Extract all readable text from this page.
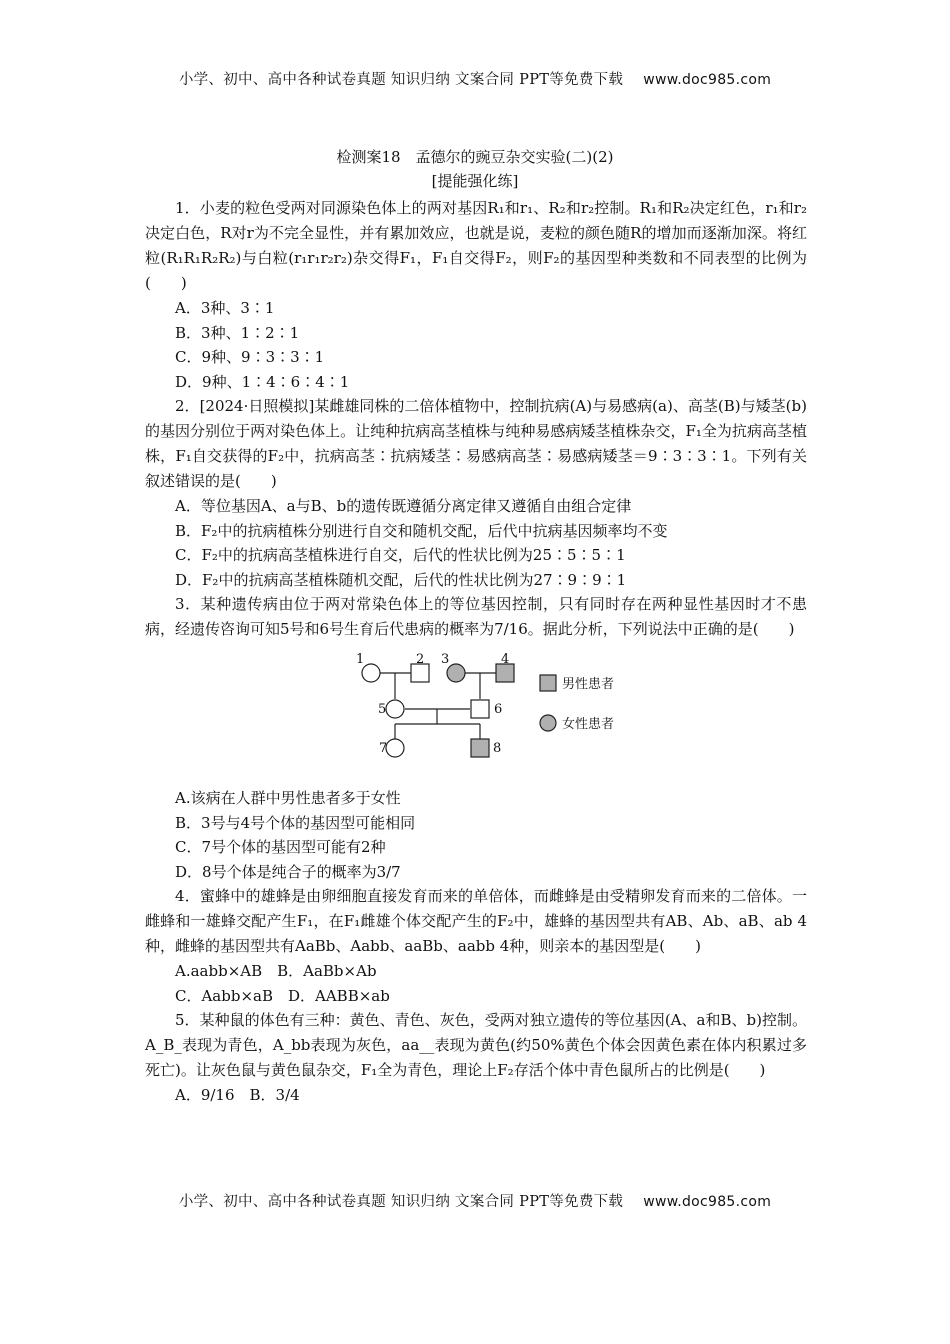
小学、初中、高中各种试卷真题 知识归纳 文案合同 PPT等免费下载 www.doc985.com
检测案18　孟德尔的豌豆杂交实验(二)(2)
[提能强化练]

1．小麦的粒色受两对同源染色体上的两对基因R₁和r₁、R₂和r₂控制。R₁和R₂决定红色，r₁和r₂决定白色，R对r为不完全显性，并有累加效应，也就是说，麦粒的颜色随R的增加而逐渐加深。将红粒(R₁R₁R₂R₂)与白粒(r₁r₁r₂r₂)杂交得F₁，F₁自交得F₂，则F₂的基因型种类数和不同表型的比例为(　　)

A．3种、3∶1

B．3种、1∶2∶1

C．9种、9∶3∶3∶1

D．9种、1∶4∶6∶4∶1

2．[2024·日照模拟]某雌雄同株的二倍体植物中，控制抗病(A)与易感病(a)、高茎(B)与矮茎(b)的基因分别位于两对染色体上。让纯种抗病高茎植株与纯种易感病矮茎植株杂交，F₁全为抗病高茎植株，F₁自交获得的F₂中，抗病高茎∶抗病矮茎∶易感病高茎∶易感病矮茎＝9∶3∶3∶1。下列有关叙述错误的是(　　)

A．等位基因A、a与B、b的遗传既遵循分离定律又遵循自由组合定律

B．F₂中的抗病植株分别进行自交和随机交配，后代中抗病基因频率均不变

C．F₂中的抗病高茎植株进行自交，后代的性状比例为25∶5∶5∶1

D．F₂中的抗病高茎植株随机交配，后代的性状比例为27∶9∶9∶1

3．某种遗传病由位于两对常染色体上的等位基因控制，只有同时存在两种显性基因时才不患病，经遗传咨询可知5号和6号生育后代患病的概率为7/16。据此分析，下列说法中正确的是(　　)

1	2 3	4
5	6
7	8
男性患者
女性患者

A.该病在人群中男性患者多于女性

B．3号与4号个体的基因型可能相同

C．7号个体的基因型可能有2种

D．8号个体是纯合子的概率为3/7

4．蜜蜂中的雄蜂是由卵细胞直接发育而来的单倍体，而雌蜂是由受精卵发育而来的二倍体。一雌蜂和一雄蜂交配产生F₁，在F₁雌雄个体交配产生的F₂中，雄蜂的基因型共有AB、Ab、aB、ab 4种，雌蜂的基因型共有AaBb、Aabb、aaBb、aabb 4种，则亲本的基因型是(　　)

A.aabb×AB　B．AaBb×Ab

C．Aabb×aB　D．AABB×ab

5．某种鼠的体色有三种：黄色、青色、灰色，受两对独立遗传的等位基因(A、a和B、b)控制。A_B_表现为青色，A_bb表现为灰色，aa__表现为黄色(约50%黄色个体会因黄色素在体内积累过多死亡)。让灰色鼠与黄色鼠杂交，F₁全为青色，理论上F₂存活个体中青色鼠所占的比例是(　　)

A．9/16　B．3/4

小学、初中、高中各种试卷真题 知识归纳 文案合同 PPT等免费下载 www.doc985.com
